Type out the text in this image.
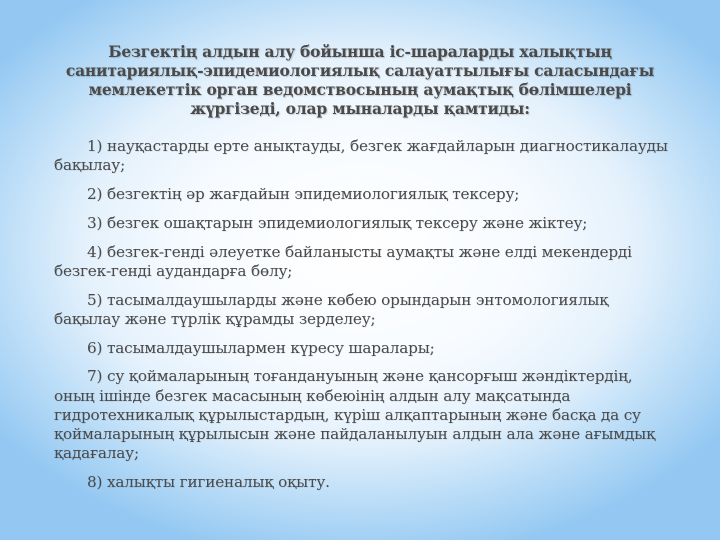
Безгектің алдын алу бойынша іс-шараларды халықтың санитариялық-эпидемиологиялық салауаттылығы саласындағы мемлекеттік орган ведомствосының аумақтық бөлімшелері жүргізеді, олар мыналарды қамтиды:
1) науқастарды ерте анықтауды, безгек жағдайларын диагностикалауды бақылау;
2) безгектің әр жағдайын эпидемиологиялық тексеру;
3) безгек ошақтарын эпидемиологиялық тексеру және жіктеу;
4) безгек-генді әлеуетке байланысты аумақты және елді мекендерді безгек-генді аудандарға бөлу;
5) тасымалдаушыларды және көбею орындарын энтомологиялық бақылау және түрлік құрамды зерделеу;
6) тасымалдаушылармен күресу шаралары;
7) су қоймаларының тоғандануының және қансорғыш жәндіктердің, оның ішінде безгек масасының көбеюінің алдын алу мақсатында гидротехникалық құрылыстардың, күріш алқаптарының және басқа да су қоймаларының құрылысын және пайдаланылуын алдын ала және ағымдық қадағалау;
8) халықты гигиеналық оқыту.
